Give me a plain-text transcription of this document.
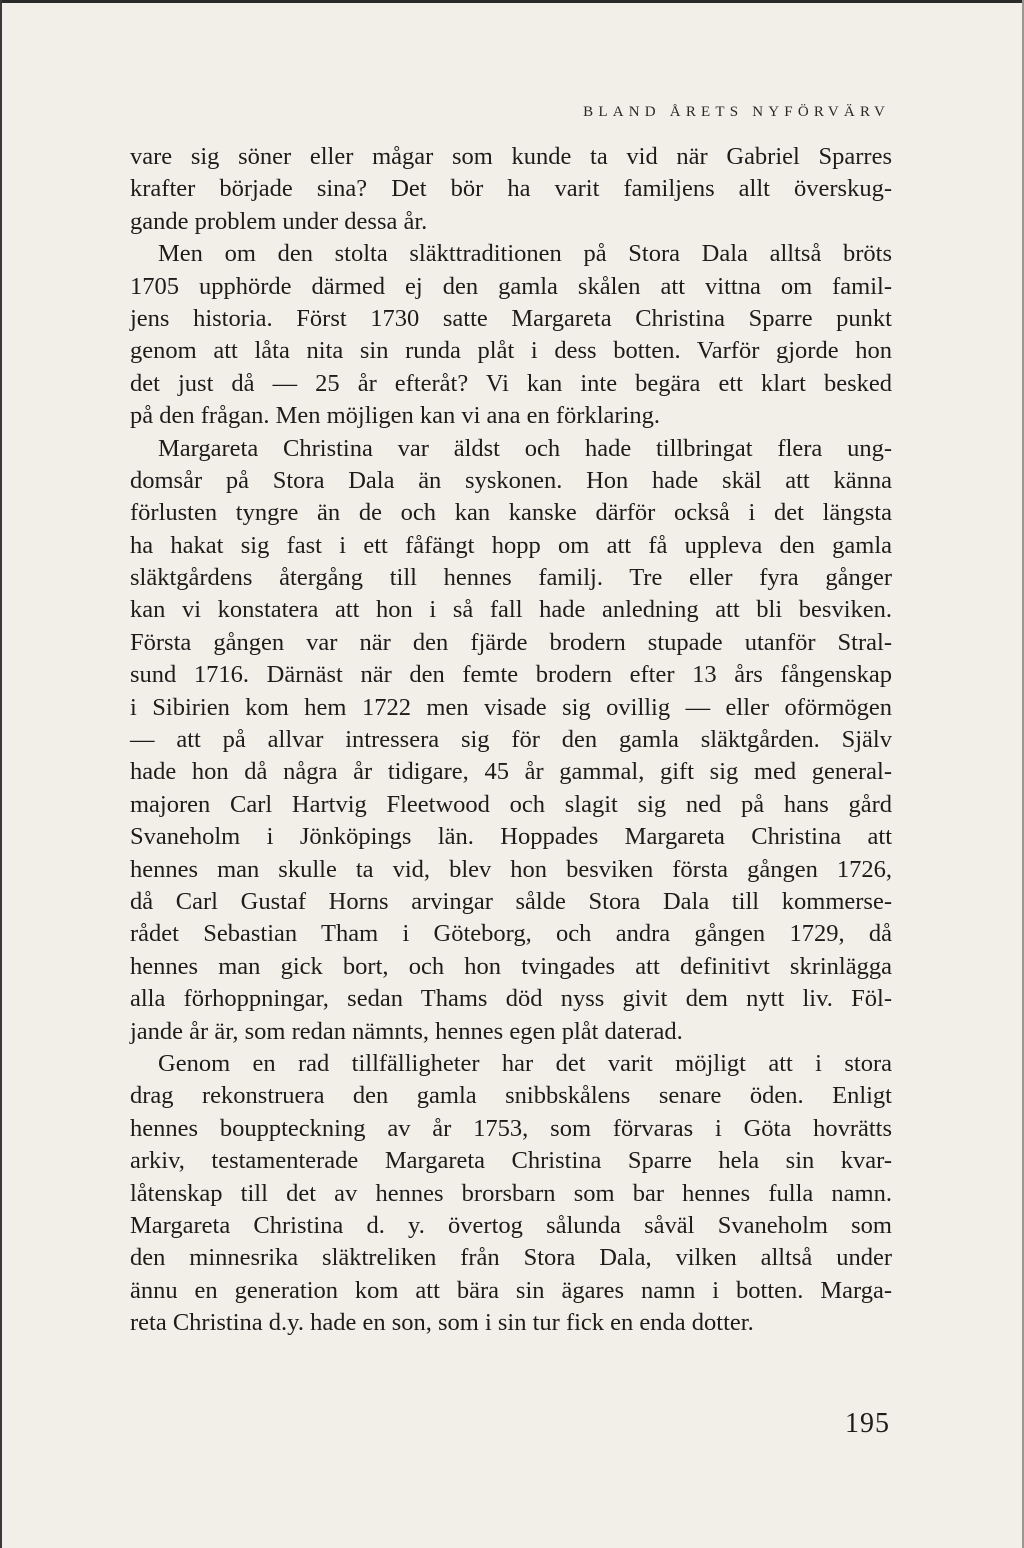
BLAND ÅRETS NYFÖRVÄRV

vare sig söner eller mågar som kunde ta vid när Gabriel Sparres
krafter började sina? Det bör ha varit familjens allt överskug-
gande problem under dessa år.

Men om den stolta släkttraditionen på Stora Dala alltså bröts
1705 upphörde därmed ej den gamla skålen att vittna om famil-
jens historia. Först 1730 satte Margareta Christina Sparre punkt
genom att låta nita sin runda plåt i dess botten. Varför gjorde hon
det just då — 25 år efteråt? Vi kan inte begära ett klart besked
på den frågan. Men möjligen kan vi ana en förklaring.

Margareta Christina var äldst och hade tillbringat flera ung-
domsår på Stora Dala än syskonen. Hon hade skäl att känna
förlusten tyngre än de och kan kanske därför också i det längsta
ha hakat sig fast i ett fåfängt hopp om att få uppleva den gamla
släktgårdens återgång till hennes familj. Tre eller fyra gånger
kan vi konstatera att hon i så fall hade anledning att bli besviken.
Första gången var när den fjärde brodern stupade utanför Stral-
sund 1716. Därnäst när den femte brodern efter 13 års fångenskap
i Sibirien kom hem 1722 men visade sig ovillig — eller oförmögen
— att på allvar intressera sig för den gamla släktgården. Själv
hade hon då några år tidigare, 45 år gammal, gift sig med general-
majoren Carl Hartvig Fleetwood och slagit sig ned på hans gård
Svaneholm i Jönköpings län. Hoppades Margareta Christina att
hennes man skulle ta vid, blev hon besviken första gången 1726,
då Carl Gustaf Horns arvingar sålde Stora Dala till kommerse-
rådet Sebastian Tham i Göteborg, och andra gången 1729, då
hennes man gick bort, och hon tvingades att definitivt skrinlägga
alla förhoppningar, sedan Thams död nyss givit dem nytt liv. Föl-
jande år är, som redan nämnts, hennes egen plåt daterad.

Genom en rad tillfälligheter har det varit möjligt att i stora
drag rekonstruera den gamla snibbskålens senare öden. Enligt
hennes bouppteckning av år 1753, som förvaras i Göta hovrätts
arkiv, testamenterade Margareta Christina Sparre hela sin kvar-
låtenskap till det av hennes brorsbarn som bar hennes fulla namn.
Margareta Christina d. y. övertog sålunda såväl Svaneholm som
den minnesrika släktreliken från Stora Dala, vilken alltså under
ännu en generation kom att bära sin ägares namn i botten. Marga-
reta Christina d.y. hade en son, som i sin tur fick en enda dotter.

195
